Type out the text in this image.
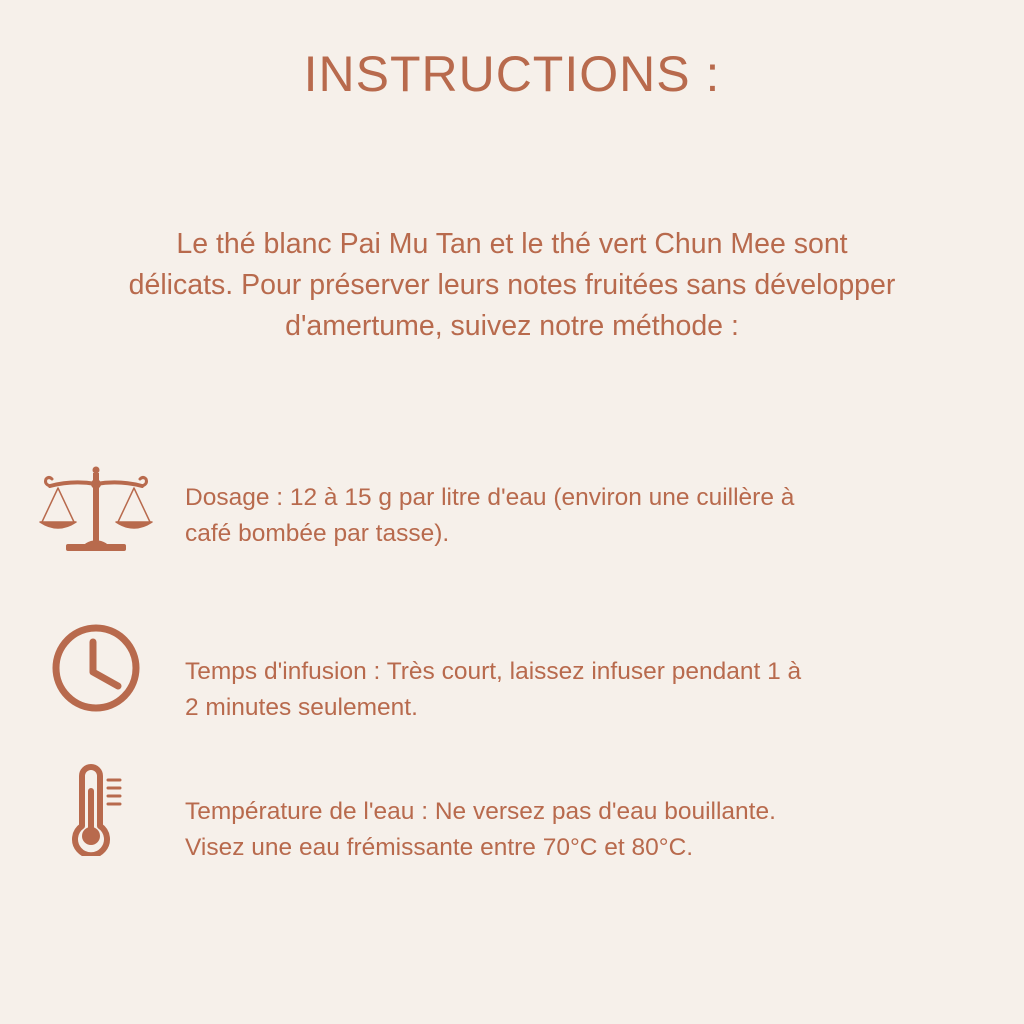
INSTRUCTIONS :

Le thé blanc Pai Mu Tan et le thé vert Chun Mee sont
délicats. Pour préserver leurs notes fruitées sans développer
d'amertume, suivez notre méthode :

Dosage : 12 à 15 g par litre d'eau (environ une cuillère à
café bombée par tasse).

Temps d'infusion : Très court, laissez infuser pendant 1 à
2 minutes seulement.

Température de l'eau : Ne versez pas d'eau bouillante.
Visez une eau frémissante entre 70°C et 80°C.
